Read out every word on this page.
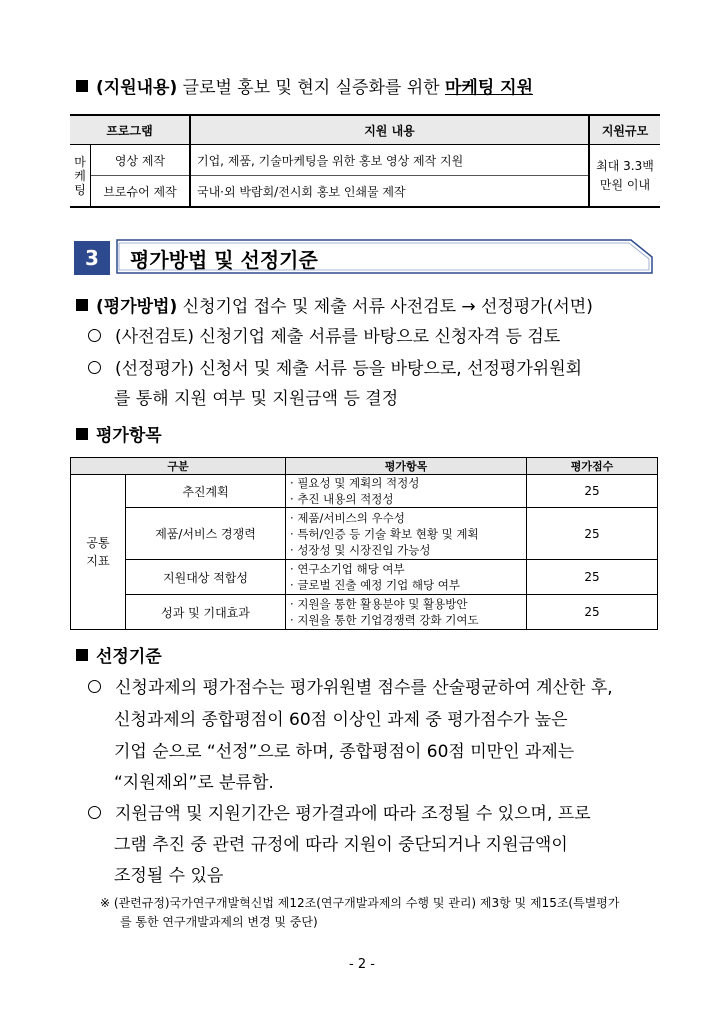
(지원내용) 글로벌 홍보 및 현지 실증화를 위한 마케팅 지원
프로그램		지원 내용	지원규모

마케팅	영상 제작	기업, 제품, 기술마케팅을 위한 홍보 영상 제작 지원	최대 3.3백만원 이내

	브로슈어 제작	국내·외 박람회/전시회 홍보 인쇄물 제작	
3	평가방법 및 선정기준
(평가방법) 신청기업 접수 및 제출 서류 사전검토 → 선정평가(서면)
(사전검토) 신청기업 제출 서류를 바탕으로 신청자격 등 검토
(선정평가) 신청서 및 제출 서류 등을 바탕으로, 선정평가위원회
를 통해 지원 여부 및 지원금액 등 결정
평가항목
구분		평가항목	평가점수

공통 지표	추진계획	· 필요성 및 계획의 적정성
· 추진 내용의 적정성	25
	제품/서비스 경쟁력	· 제품/서비스의 우수성
· 특허/인증 등 기술 확보 현황 및 계획
· 성장성 및 시장진입 가능성	25
	지원대상 적합성	· 연구소기업 해당 여부
· 글로벌 진출 예정 기업 해당 여부	25
	성과 및 기대효과	· 지원을 통한 활용분야 및 활용방안
· 지원을 통한 기업경쟁력 강화 기여도	25
선정기준
신청과제의 평가점수는 평가위원별 점수를 산술평균하여 계산한 후,
신청과제의 종합평점이 60점 이상인 과제 중 평가점수가 높은
기업 순으로 “선정”으로 하며, 종합평점이 60점 미만인 과제는
“지원제외”로 분류함.
지원금액 및 지원기간은 평가결과에 따라 조정될 수 있으며, 프로
그램 추진 중 관련 규정에 따라 지원이 중단되거나 지원금액이
조정될 수 있음
※ (관련규정)국가연구개발혁신법 제12조(연구개발과제의 수행 및 관리) 제3항 및 제15조(특별평가
를 통한 연구개발과제의 변경 및 중단)
- 2 -
